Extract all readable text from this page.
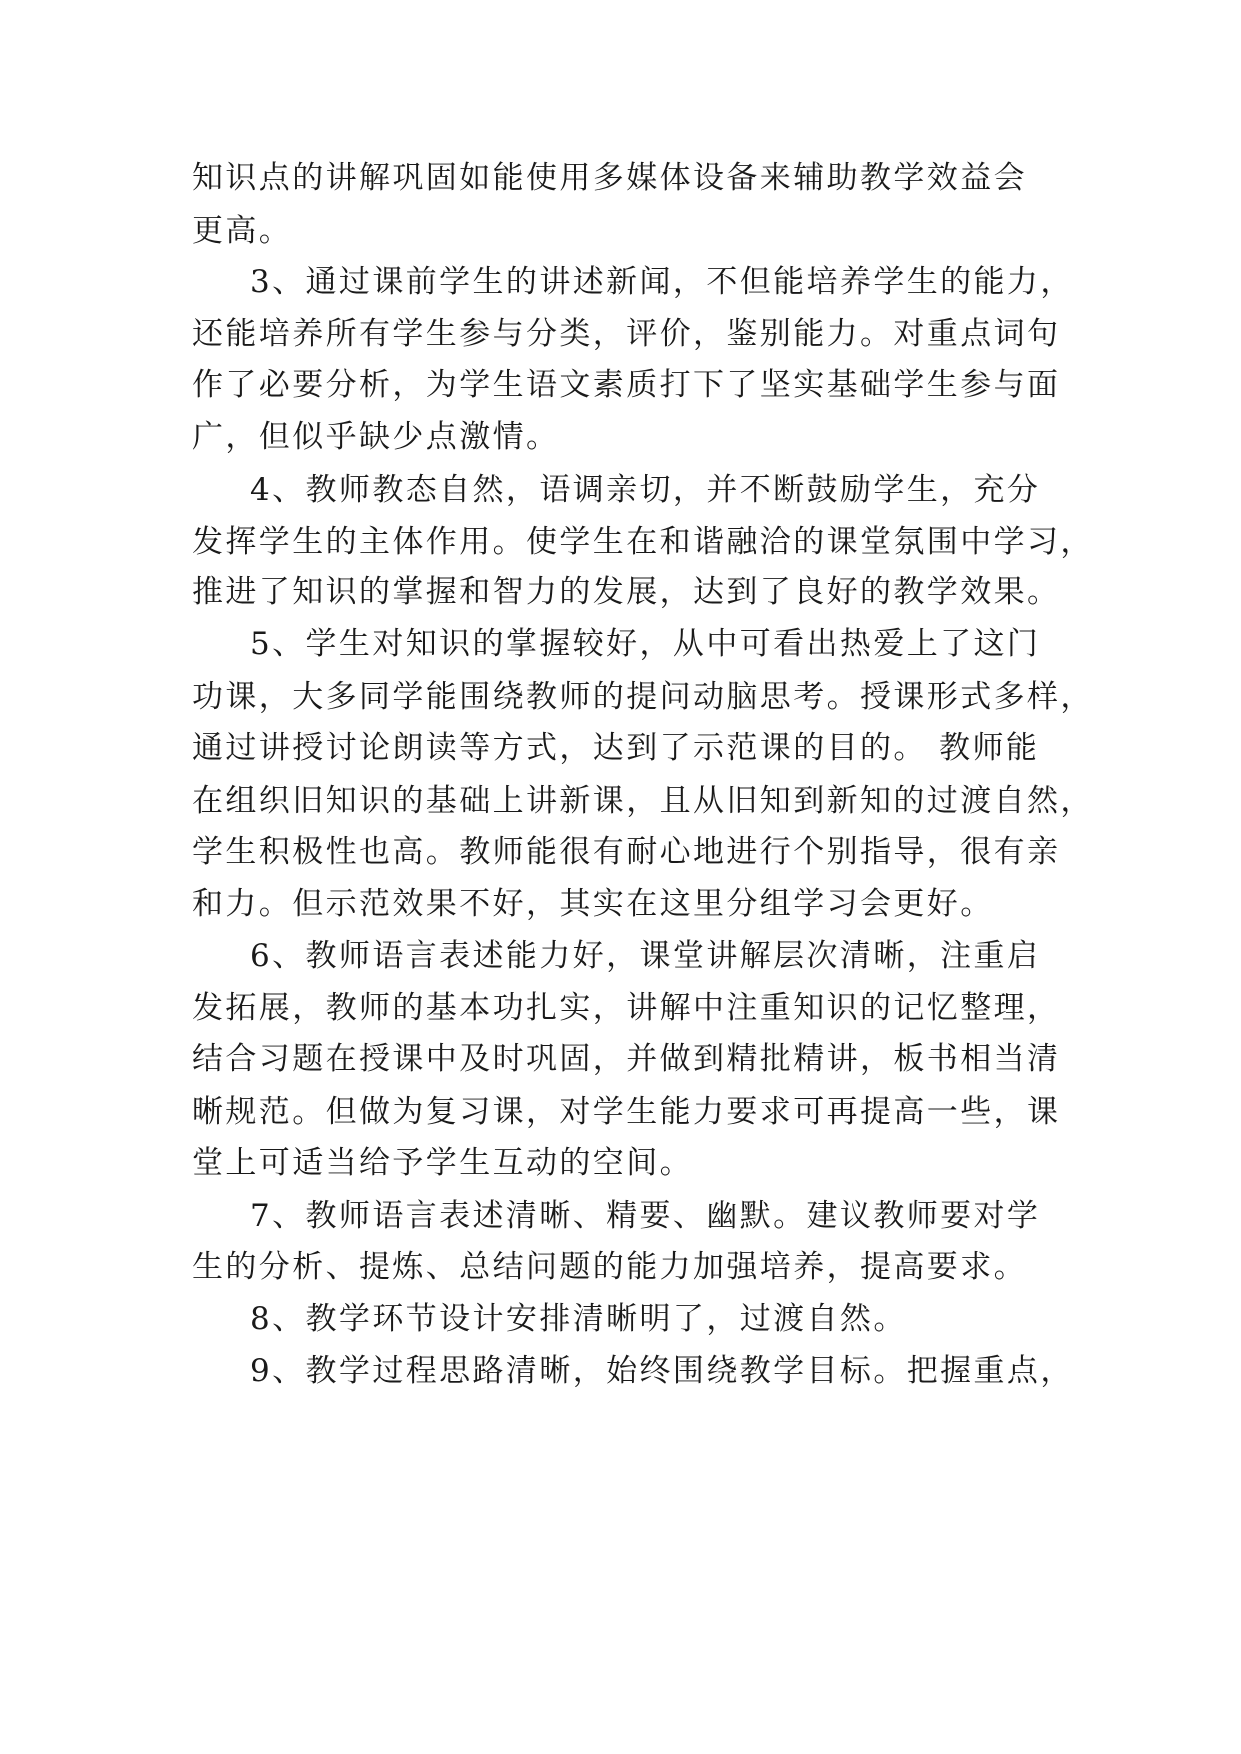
知识点的讲解巩固如能使用多媒体设备来辅助教学效益会
更高。
3、通过课前学生的讲述新闻，不但能培养学生的能力，
还能培养所有学生参与分类，评价，鉴别能力。对重点词句
作了必要分析，为学生语文素质打下了坚实基础学生参与面
广，但似乎缺少点激情。
4、教师教态自然，语调亲切，并不断鼓励学生，充分
发挥学生的主体作用。使学生在和谐融洽的课堂氛围中学习，
推进了知识的掌握和智力的发展，达到了良好的教学效果。
5、学生对知识的掌握较好，从中可看出热爱上了这门
功课，大多同学能围绕教师的提问动脑思考。授课形式多样，
通过讲授讨论朗读等方式，达到了示范课的目的。 教师能
在组织旧知识的基础上讲新课，且从旧知到新知的过渡自然，
学生积极性也高。教师能很有耐心地进行个别指导，很有亲
和力。但示范效果不好，其实在这里分组学习会更好。
6、教师语言表述能力好，课堂讲解层次清晰，注重启
发拓展，教师的基本功扎实，讲解中注重知识的记忆整理，
结合习题在授课中及时巩固，并做到精批精讲，板书相当清
晰规范。但做为复习课，对学生能力要求可再提高一些，课
堂上可适当给予学生互动的空间。
7、教师语言表述清晰、精要、幽默。建议教师要对学
生的分析、提炼、总结问题的能力加强培养，提高要求。
8、教学环节设计安排清晰明了，过渡自然。
9、教学过程思路清晰，始终围绕教学目标。把握重点，
